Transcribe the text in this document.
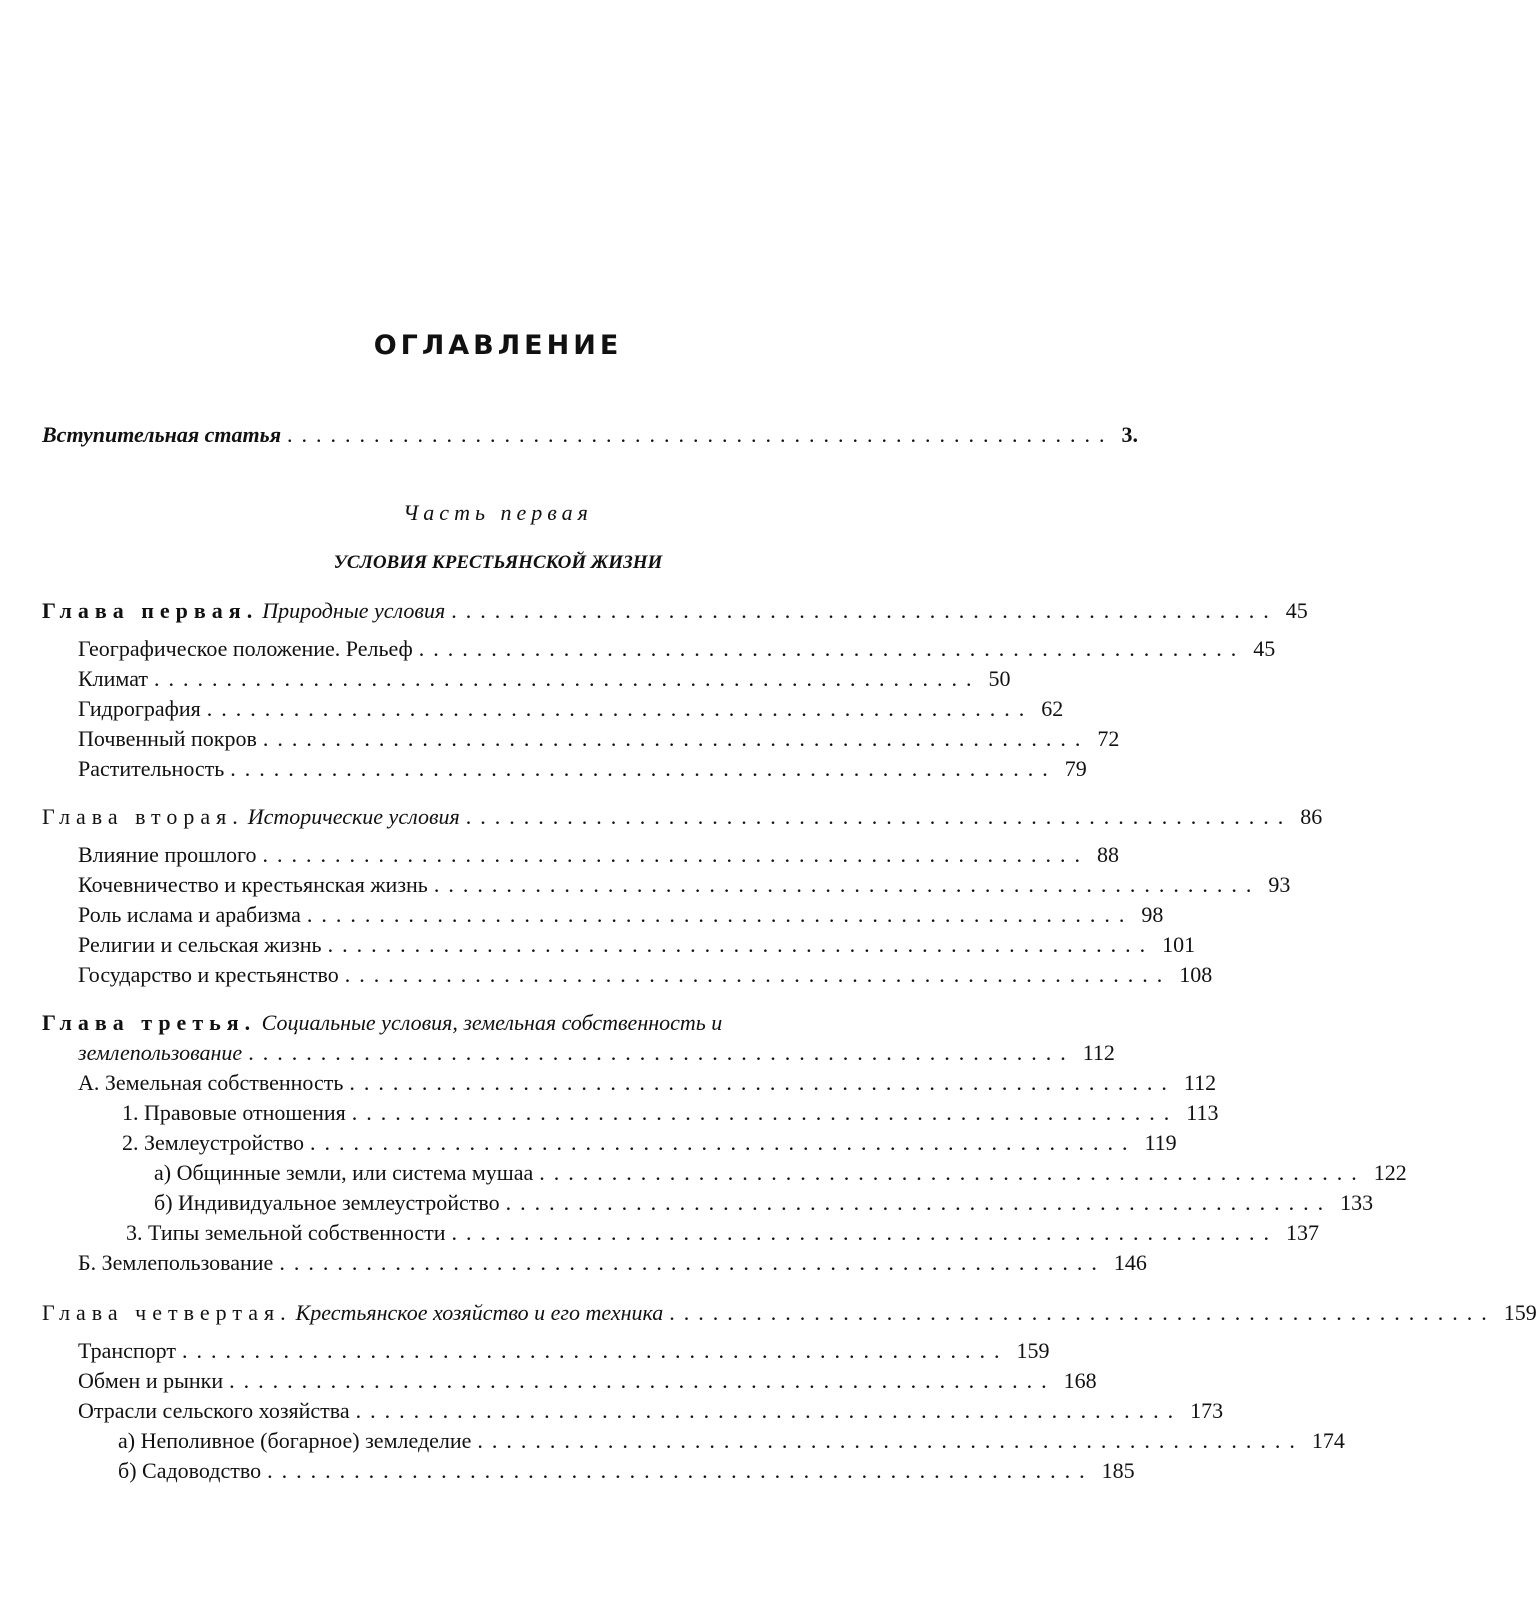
ОГЛАВЛЕНИЕ
Вступительная статья ......................................................... 3.
Часть первая
УСЛОВИЯ КРЕСТЬЯНСКОЙ ЖИЗНИ
Глава первая. Природные условия ......................................................... 45
Географическое положение. Рельеф ......................................................... 45
Климат ......................................................... 50
Гидрография ......................................................... 62
Почвенный покров ......................................................... 72
Растительность ......................................................... 79
Глава вторая. Исторические условия ......................................................... 86
Влияние прошлого ......................................................... 88
Кочевничество и крестьянская жизнь ......................................................... 93
Роль ислама и арабизма ......................................................... 98
Религии и сельская жизнь ......................................................... 101
Государство и крестьянство ......................................................... 108
Глава третья. Социальные условия, земельная собственность и
землепользование ......................................................... 112
А. Земельная собственность ......................................................... 112
1. Правовые отношения ......................................................... 113
2. Землеустройство ......................................................... 119
а) Общинные земли, или система мушаа ......................................................... 122
б) Индивидуальное землеустройство ......................................................... 133
3. Типы земельной собственности ......................................................... 137
Б. Землепользование ......................................................... 146
Глава четвертая. Крестьянское хозяйство и его техника ......................................................... 159
Транспорт ......................................................... 159
Обмен и рынки ......................................................... 168
Отрасли сельского хозяйства ......................................................... 173
а) Неполивное (богарное) земледелие ......................................................... 174
б) Садоводство ......................................................... 185
